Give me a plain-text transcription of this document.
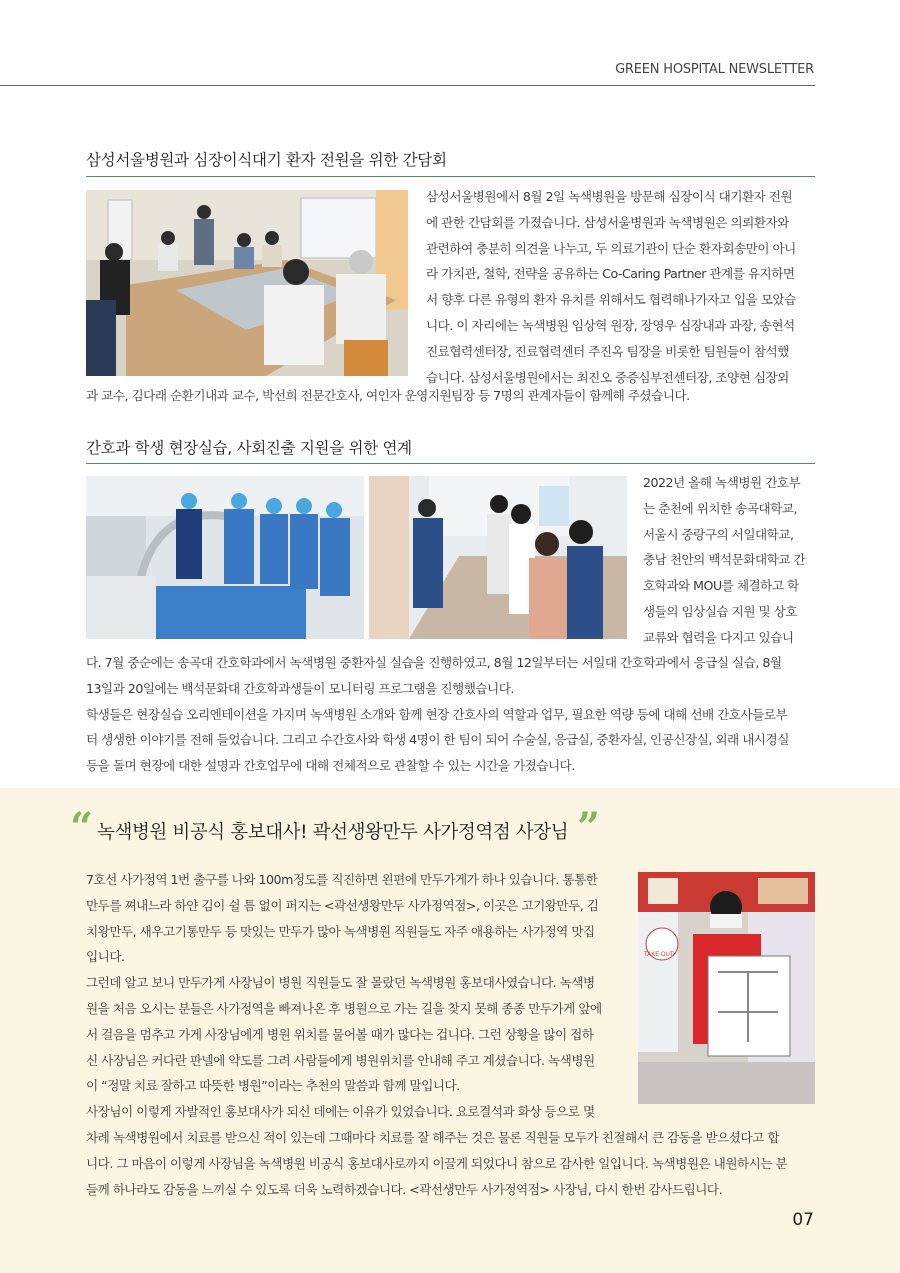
GREEN HOSPITAL NEWSLETTER
삼성서울병원과 심장이식대기 환자 전원을 위한 간담회
삼성서울병원에서 8월 2일 녹색병원을 방문해 심장이식 대기환자 전원
에 관한 간담회를 가졌습니다. 삼성서울병원과 녹색병원은 의뢰환자와
관련하여 충분히 의견을 나누고, 두 의료기관이 단순 환자회송만이 아니
라 가치관, 철학, 전략을 공유하는 Co-Caring Partner 관계를 유지하면
서 향후 다른 유형의 환자 유치를 위해서도 협력해나가자고 입을 모았습
니다. 이 자리에는 녹색병원 임상혁 원장, 장영우 심장내과 과장, 송현석
진료협력센터장, 진료협력센터 주진옥 팀장을 비롯한 팀원들이 참석했
습니다. 삼성서울병원에서는 최진오 중증심부전센터장, 조양현 심장외
과 교수, 김다래 순환기내과 교수, 박선희 전문간호사, 여인자 운영지원팀장 등 7명의 관계자들이 함께해 주셨습니다.
간호과 학생 현장실습, 사회진출 지원을 위한 연계
2022년 올해 녹색병원 간호부
는 춘천에 위치한 송곡대학교,
서울시 중랑구의 서일대학교,
충남 천안의 백석문화대학교 간
호학과와 MOU를 체결하고 학
생들의 임상실습 지원 및 상호
교류와 협력을 다지고 있습니
다. 7월 중순에는 송곡대 간호학과에서 녹색병원 중환자실 실습을 진행하였고, 8월 12일부터는 서일대 간호학과에서 응급실 실습, 8월
13일과 20일에는 백석문화대 간호학과생들이 모니터링 프로그램을 진행했습니다.
학생들은 현장실습 오리엔테이션을 가지며 녹색병원 소개와 함께 현장 간호사의 역할과 업무, 필요한 역량 등에 대해 선배 간호사들로부
터 생생한 이야기를 전해 들었습니다. 그리고 수간호사와 학생 4명이 한 팀이 되어 수술실, 응급실, 중환자실, 인공신장실, 외래 내시경실
등을 돌며 현장에 대한 설명과 간호업무에 대해 전체적으로 관찰할 수 있는 시간을 가졌습니다.
“ 녹색병원 비공식 홍보대사! 곽선생왕만두 사가정역점 사장님 ”
TAKE OUT
7호선 사가정역 1번 출구를 나와 100m정도를 직진하면 왼편에 만두가게가 하나 있습니다. 통통한
만두를 쪄내느라 하얀 김이 쉴 틈 없이 퍼지는 <곽선생왕만두 사가정역점>, 이곳은 고기왕만두, 김
치왕만두, 새우고기통만두 등 맛있는 만두가 많아 녹색병원 직원들도 자주 애용하는 사가정역 맛집
입니다.
그런데 알고 보니 만두가게 사장님이 병원 직원들도 잘 몰랐던 녹색병원 홍보대사였습니다. 녹색병
원을 처음 오시는 분들은 사가정역을 빠져나온 후 병원으로 가는 길을 찾지 못해 종종 만두가게 앞에
서 걸음을 멈추고 가게 사장님에게 병원 위치를 물어볼 때가 많다는 겁니다. 그런 상황을 많이 접하
신 사장님은 커다란 판넬에 약도를 그려 사람들에게 병원위치를 안내해 주고 계셨습니다. 녹색병원
이 “정말 치료 잘하고 따뜻한 병원”이라는 추천의 말씀과 함께 말입니다.
사장님이 이렇게 자발적인 홍보대사가 되신 데에는 이유가 있었습니다. 요로결석과 화상 등으로 몇
차례 녹색병원에서 치료를 받으신 적이 있는데 그때마다 치료를 잘 해주는 것은 물론 직원들 모두가 친절해서 큰 감동을 받으셨다고 합
니다. 그 마음이 이렇게 사장님을 녹색병원 비공식 홍보대사로까지 이끌게 되었다니 참으로 감사한 일입니다. 녹색병원은 내원하시는 분
들께 하나라도 감동을 느끼실 수 있도록 더욱 노력하겠습니다. <곽선생만두 사가정역점> 사장님, 다시 한번 감사드립니다.
07
